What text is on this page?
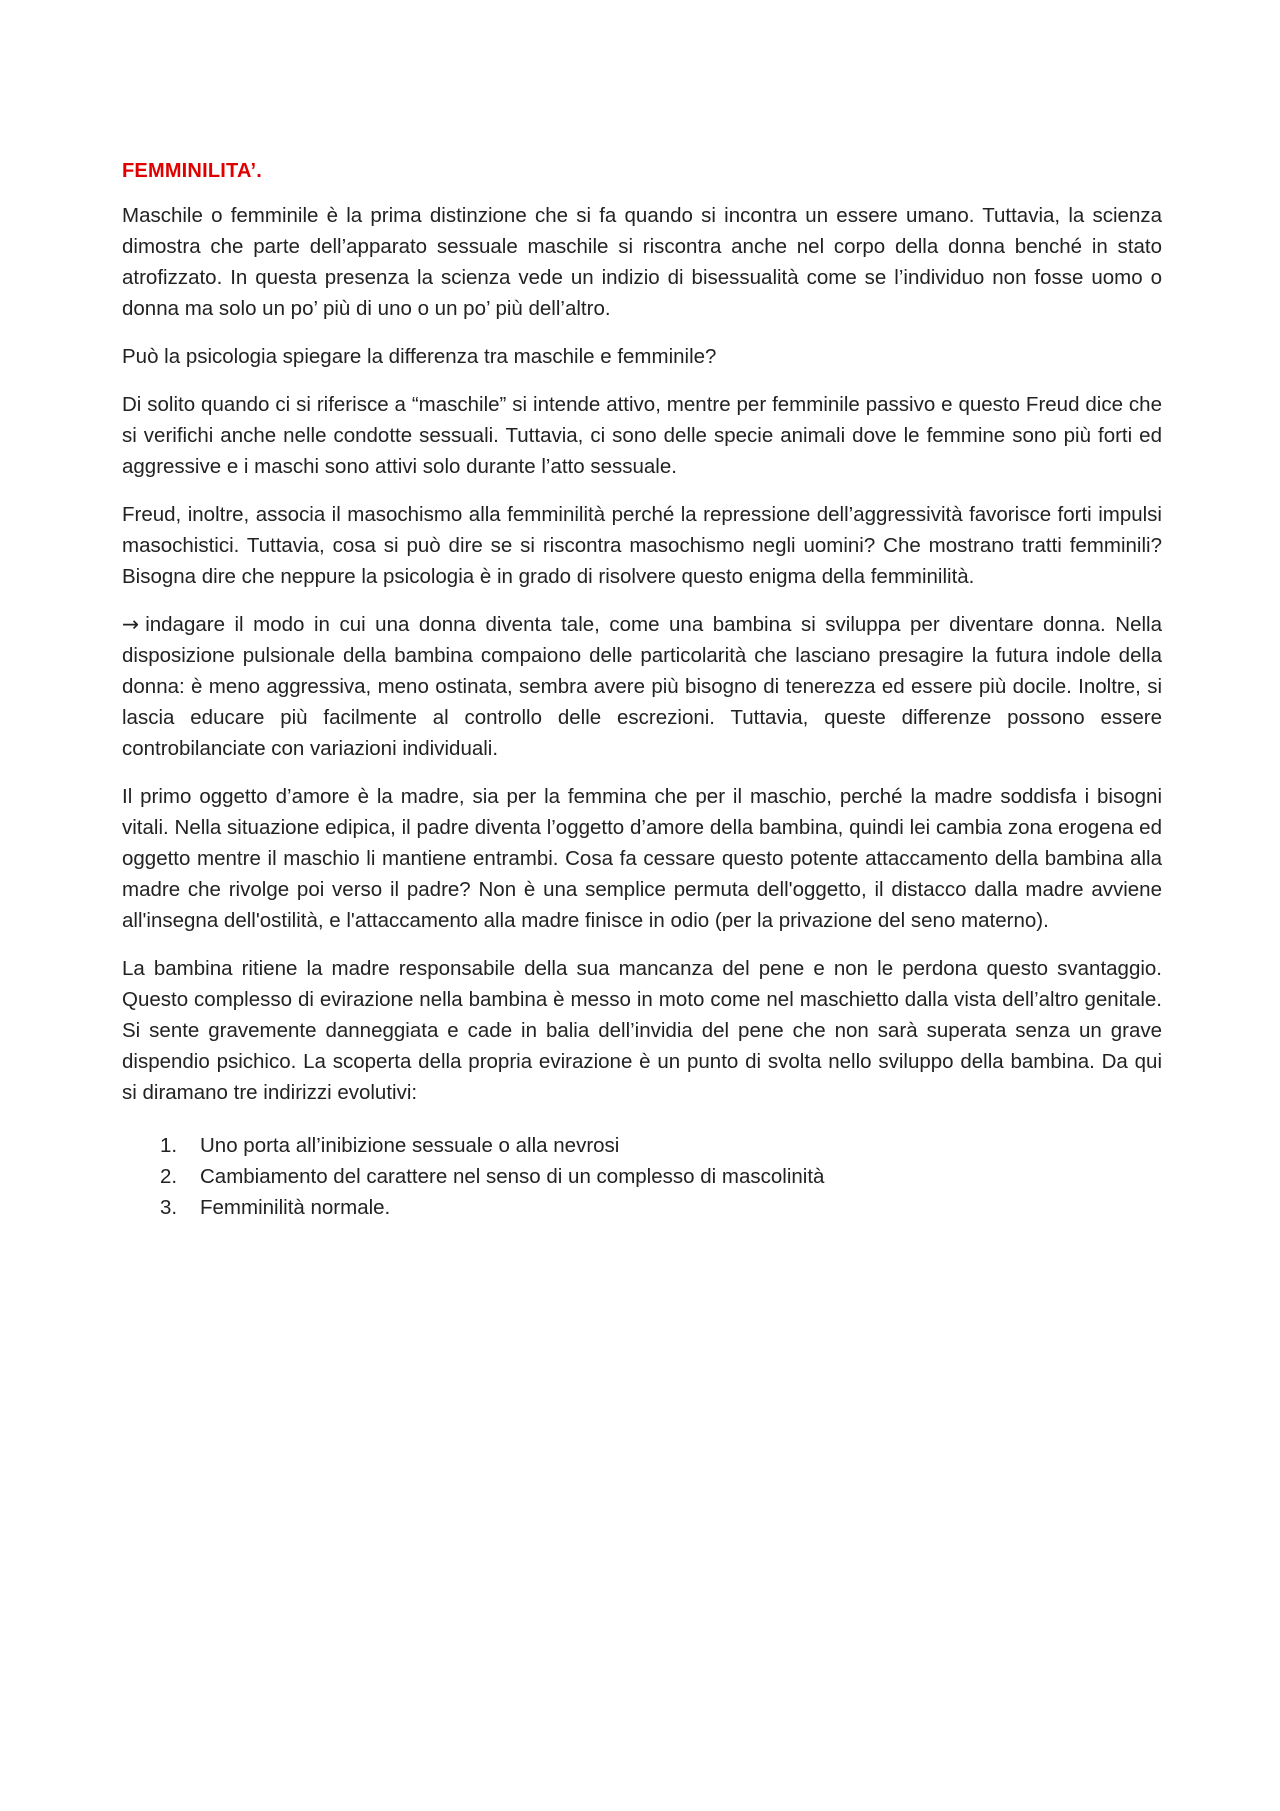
FEMMINILITA’.

Maschile o femminile è la prima distinzione che si fa quando si incontra un essere umano. Tuttavia, la scienza dimostra che parte dell’apparato sessuale maschile si riscontra anche nel corpo della donna benché in stato atrofizzato. In questa presenza la scienza vede un indizio di bisessualità come se l’individuo non fosse uomo o donna ma solo un po’ più di uno o un po’ più dell’altro.

Può la psicologia spiegare la differenza tra maschile e femminile?

Di solito quando ci si riferisce a “maschile” si intende attivo, mentre per femminile passivo e questo Freud dice che si verifichi anche nelle condotte sessuali. Tuttavia, ci sono delle specie animali dove le femmine sono più forti ed aggressive e i maschi sono attivi solo durante l’atto sessuale.

Freud, inoltre, associa il masochismo alla femminilità perché la repressione dell’aggressività favorisce forti impulsi masochistici. Tuttavia, cosa si può dire se si riscontra masochismo negli uomini? Che mostrano tratti femminili? Bisogna dire che neppure la psicologia è in grado di risolvere questo enigma della femminilità.

→ indagare il modo in cui una donna diventa tale, come una bambina si sviluppa per diventare donna. Nella disposizione pulsionale della bambina compaiono delle particolarità che lasciano presagire la futura indole della donna: è meno aggressiva, meno ostinata, sembra avere più bisogno di tenerezza ed essere più docile. Inoltre, si lascia educare più facilmente al controllo delle escrezioni. Tuttavia, queste differenze possono essere controbilanciate con variazioni individuali.

Il primo oggetto d’amore è la madre, sia per la femmina che per il maschio, perché la madre soddisfa i bisogni vitali. Nella situazione edipica, il padre diventa l’oggetto d’amore della bambina, quindi lei cambia zona erogena ed oggetto mentre il maschio li mantiene entrambi. Cosa fa cessare questo potente attaccamento della bambina alla madre che rivolge poi verso il padre? Non è una semplice permuta dell'oggetto, il distacco dalla madre avviene all'insegna dell'ostilità, e l'attaccamento alla madre finisce in odio (per la privazione del seno materno).

La bambina ritiene la madre responsabile della sua mancanza del pene e non le perdona questo svantaggio. Questo complesso di evirazione nella bambina è messo in moto come nel maschietto dalla vista dell’altro genitale. Si sente gravemente danneggiata e cade in balia dell’invidia del pene che non sarà superata senza un grave dispendio psichico. La scoperta della propria evirazione è un punto di svolta nello sviluppo della bambina. Da qui si diramano tre indirizzi evolutivi:

1.	Uno porta all’inibizione sessuale o alla nevrosi
2.	Cambiamento del carattere nel senso di un complesso di mascolinità
3.	Femminilità normale.
